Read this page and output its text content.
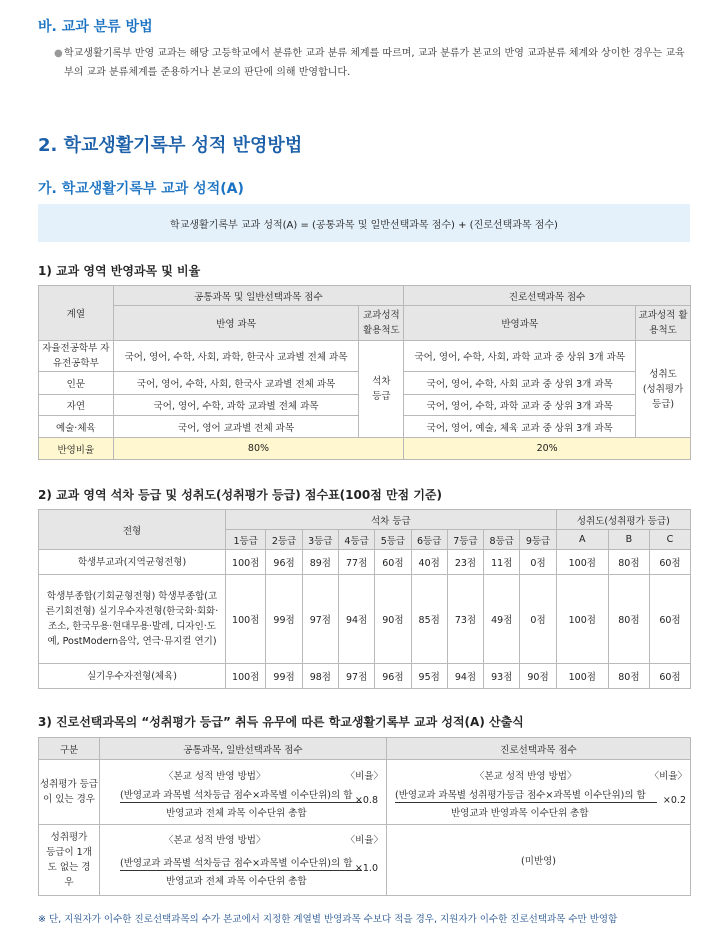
바. 교과 분류 방법
● 학교생활기록부 반영 교과는 해당 고등학교에서 분류한 교과 분류 체계를 따르며, 교과 분류가 본교의 반영 교과분류 체계와 상이한 경우는 교육부의 교과 분류체계를 준용하거나 본교의 판단에 의해 반영합니다.
2. 학교생활기록부 성적 반영방법
가. 학교생활기록부 교과 성적(A)
학교생활기록부 교과 성적(A) = (공통과목 및 일반선택과목 점수) + (진로선택과목 점수)
1) 교과 영역 반영과목 및 비율
계열	공통과목 및 일반선택과목 점수		진로선택과목 점수	
	반영 과목	교과성적 활용척도	반영과목	교과성적 활용척도
자율전공학부 자유전공학부	국어, 영어, 수학, 사회, 과학, 한국사 교과별 전체 과목	석차 등급	국어, 영어, 수학, 사회, 과학 교과 중 상위 3개 과목	성취도 (성취평가 등급)
인문	국어, 영어, 수학, 사회, 한국사 교과별 전체 과목		국어, 영어, 수학, 사회 교과 중 상위 3개 과목	
자연	국어, 영어, 수학, 과학 교과별 전체 과목		국어, 영어, 수학, 과학 교과 중 상위 3개 과목	
예술·체육	국어, 영어 교과별 전체 과목		국어, 영어, 예술, 체육 교과 중 상위 3개 과목	
반영비율	80%		20%	
2) 교과 영역 석차 등급 및 성취도(성취평가 등급) 점수표(100점 만점 기준)
전형	석차 등급									성취도(성취평가 등급)		
	1등급	2등급	3등급	4등급	5등급	6등급	7등급	8등급	9등급	A	B	C
학생부교과(지역균형전형)	100점	96점	89점	77점	60점	40점	23점	11점	0점	100점	80점	60점
학생부종합(기회균형전형) 학생부종합(고른기회전형) 실기우수자전형(한국화·회화·조소, 한국무용·현대무용·발레, 디자인·도예, PostModern음악, 연극·뮤지컬 연기)	100점	99점	97점	94점	90점	85점	73점	49점	0점	100점	80점	60점
실기우수자전형(체육)	100점	99점	98점	97점	96점	95점	94점	93점	90점	100점	80점	60점
3) 진로선택과목의 “성취평가 등급” 취득 유무에 따른 학교생활기록부 교과 성적(A) 산출식
구분	공통과목, 일반선택과목 점수	진로선택과목 점수
성취평가 등급이 있는 경우	〈본교 성적 반영 방법〉 〈비율〉
(반영교과 과목별 석차등급 점수×과목별 이수단위)의 합
반영교과 전체 과목 이수단위 총합
×0.8	〈본교 성적 반영 방법〉 〈비율〉
(반영교과 과목별 성취평가등급 점수×과목별 이수단위)의 합
반영교과 반영과목 이수단위 총합
×0.2

성취평가 등급이 1개도 없는 경우	〈본교 성적 반영 방법〉 〈비율〉
(반영교과 과목별 석차등급 점수×과목별 이수단위)의 합
반영교과 전체 과목 이수단위 총합
×1.0	(미반영)
※ 단, 지원자가 이수한 진로선택과목의 수가 본교에서 지정한 계열별 반영과목 수보다 적을 경우, 지원자가 이수한 진로선택과목 수만 반영함
